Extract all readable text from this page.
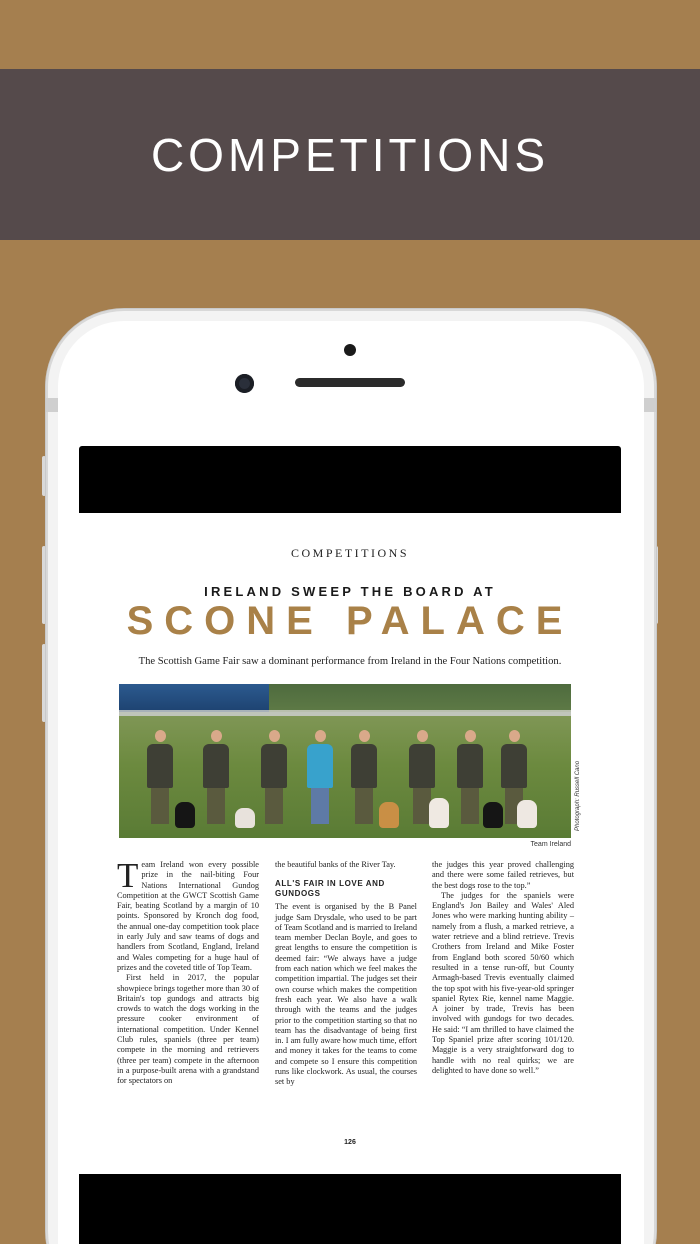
COMPETITIONS
COMPETITIONS
IRELAND SWEEP THE BOARD AT
SCONE PALACE
The Scottish Game Fair saw a dominant performance from Ireland in the Four Nations competition.
Photograph: Russell Cano
Team Ireland

Team Ireland won every possible prize in the nail-biting Four Nations International Gundog Competition at the GWCT Scottish Game Fair, beating Scotland by a margin of 10 points. Sponsored by Kronch dog food, the annual one-day competition took place in early July and saw teams of dogs and handlers from Scotland, England, Ireland and Wales competing for a huge haul of prizes and the coveted title of Top Team.

First held in 2017, the popular showpiece brings together more than 30 of Britain's top gundogs and attracts big crowds to watch the dogs working in the pressure cooker environment of international competition. Under Kennel Club rules, spaniels (three per team) compete in the morning and retrievers (three per team) compete in the afternoon in a purpose-built arena with a grandstand for spectators on

the beautiful banks of the River Tay.

ALL'S FAIR IN LOVE AND GUNDOGS

The event is organised by the B Panel judge Sam Drysdale, who used to be part of Team Scotland and is married to Ireland team member Declan Boyle, and goes to great lengths to ensure the competition is deemed fair: “We always have a judge from each nation which we feel makes the competition impartial. The judges set their own course which makes the competition fresh each year. We also have a walk through with the teams and the judges prior to the competition starting so that no team has the disadvantage of being first in. I am fully aware how much time, effort and money it takes for the teams to come and compete so I ensure this competition runs like clockwork. As usual, the courses set by

the judges this year proved challenging and there were some failed retrieves, but the best dogs rose to the top.”

The judges for the spaniels were England's Jon Bailey and Wales' Aled Jones who were marking hunting ability – namely from a flush, a marked retrieve, a water retrieve and a blind retrieve. Trevis Crothers from Ireland and Mike Foster from England both scored 50/60 which resulted in a tense run-off, but County Armagh-based Trevis eventually claimed the top spot with his five-year-old springer spaniel Rytex Rie, kennel name Maggie. A joiner by trade, Trevis has been involved with gundogs for two decades. He said: “I am thrilled to have claimed the Top Spaniel prize after scoring 101/120. Maggie is a very straightforward dog to handle with no real quirks; we are delighted to have done so well.”

126
